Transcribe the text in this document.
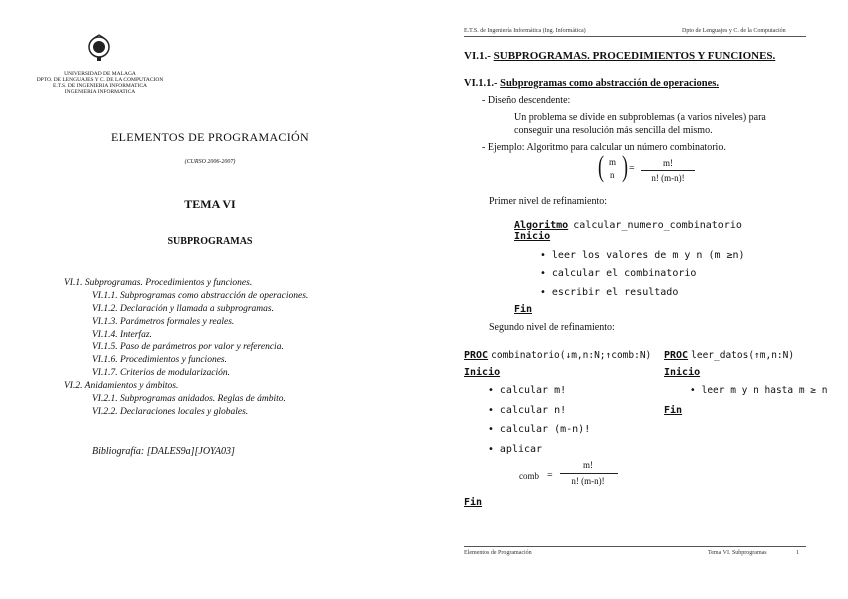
UNIVERSIDAD DE MALAGA
DPTO. DE LENGUAJES Y C. DE LA COMPUTACION
E.T.S. DE INGENIERIA INFORMATICA
INGENIERIA INFORMATICA
ELEMENTOS DE PROGRAMACIÓN
(CURSO 2006-2007)
TEMA VI
SUBPROGRAMAS
VI.1. Subprogramas. Procedimientos y funciones.
VI.1.1. Subprogramas como abstracción de operaciones.
VI.1.2. Declaración y llamada a subprogramas.
VI.1.3. Parámetros formales y reales.
VI.1.4. Interfaz.
VI.1.5. Paso de parámetros por valor y referencia.
VI.1.6. Procedimientos y funciones.
VI.1.7. Criterios de modularización.
VI.2. Anidamientos y ámbitos.
VI.2.1. Subprogramas anidados. Reglas de ámbito.
VI.2.2. Declaraciones locales y globales.
Bibliografía: [DALES9a][JOYA03]
E.T.S. de Ingeniería Informática (Ing. Informática)	Dpto de Lenguajes y C. de la Computación
VI.1.- SUBPROGRAMAS. PROCEDIMIENTOS Y FUNCIONES.
VI.1.1.- Subprogramas como abstracción de operaciones.
- Diseño descendente:
Un problema se divide en subproblemas (a varios niveles) para
conseguir una resolución más sencilla del mismo.
- Ejemplo: Algoritmo para calcular un número combinatorio.
( m
n ) =	m!
n! (m-n)!
Primer nivel de refinamiento:
Algoritmo calcular_numero_combinatorio
Inicio
• leer los valores de m y n (m ≥n)
• calcular el combinatorio
• escribir el resultado
Fin
Segundo nivel de refinamiento:
PROC combinatorio(↓m,n:N;↑comb:N)
Inicio
• calcular m!
• calcular n!
• calcular (m-n)!
• aplicar
comb =
m!
n! (m-n)!
Fin
PROC leer_datos(↑m,n:N)
Inicio
• leer m y n hasta m ≥ n
Fin
Elementos de Programación	Tema VI. Subprogramas	1
